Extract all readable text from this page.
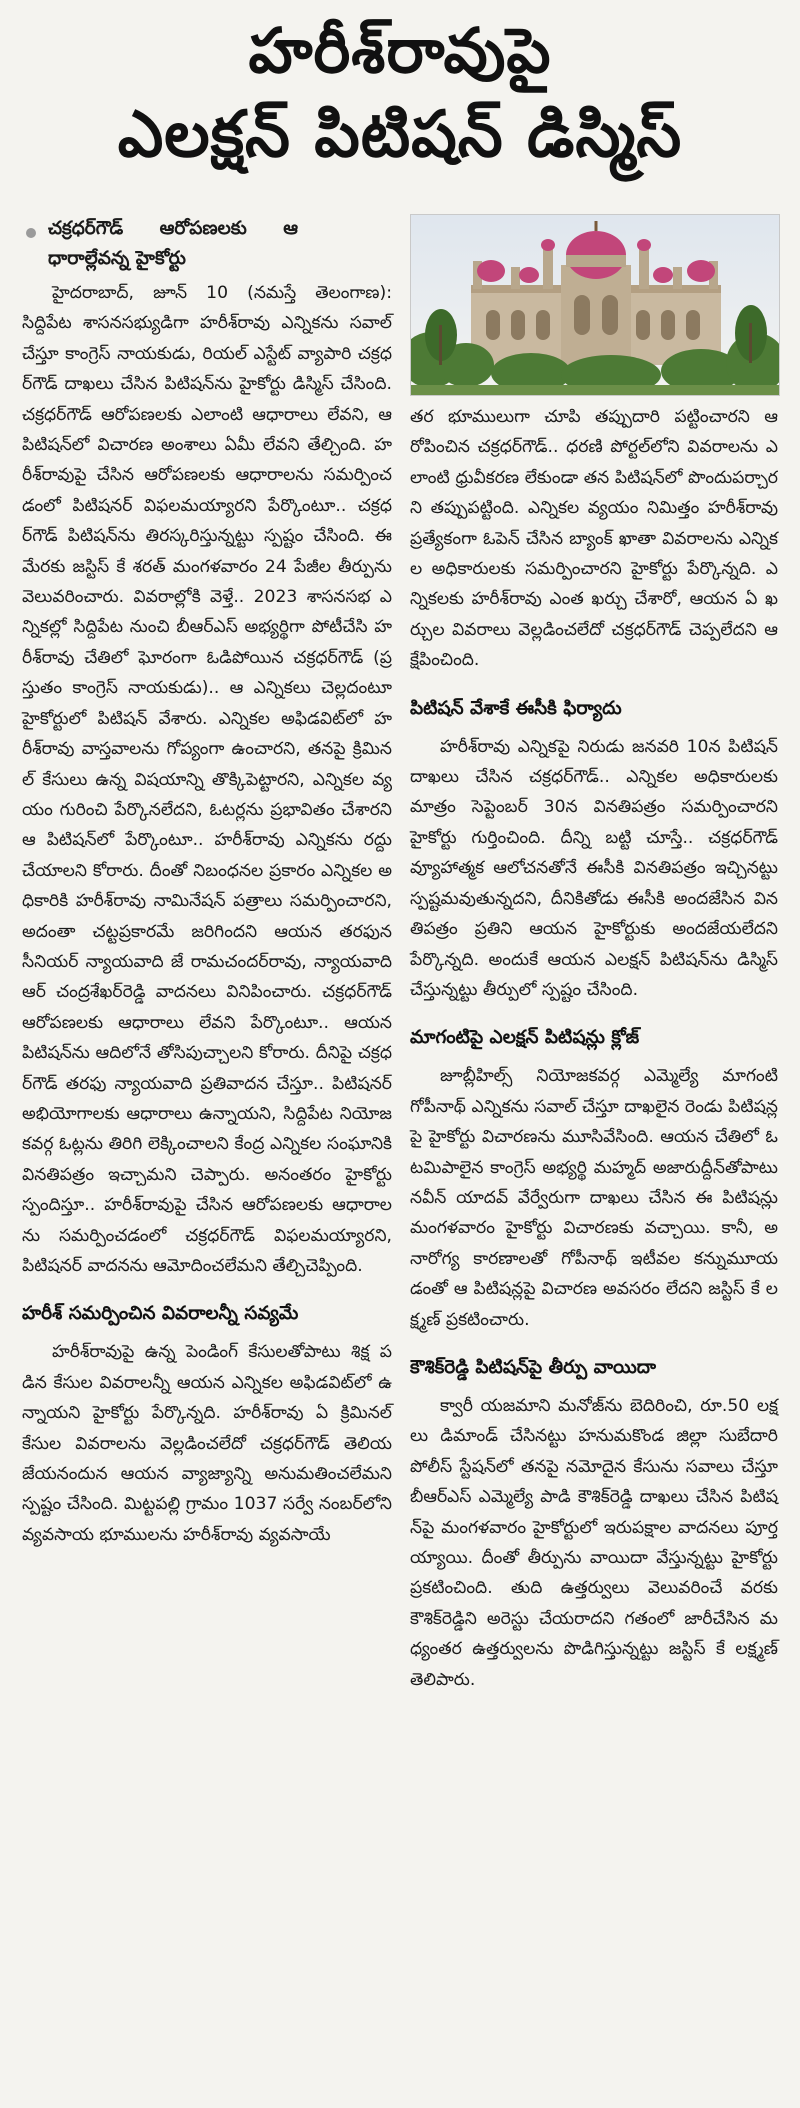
హరీశ్‌రావుపై
ఎలక్షన్ పిటిషన్ డిస్మిస్
చక్రధర్‌గౌడ్ ఆరోపణలకు ఆధారాల్లేవన్న హైకోర్టు

హైదరాబాద్, జూన్ 10 (నమస్తే తెలంగాణ): సిద్దిపేట శాసనసభ్యుడిగా హరీశ్‌రావు ఎన్నికను సవాల్ చేస్తూ కాంగ్రెస్ నాయకుడు, రియల్ ఎస్టేట్ వ్యాపారి చక్రధర్‌గౌడ్ దాఖలు చేసిన పిటిషన్‌ను హైకోర్టు డిస్మిస్ చేసింది. చక్రధర్‌గౌడ్ ఆరోపణలకు ఎలాంటి ఆధారాలు లేవని, ఆ పిటిషన్‌లో విచారణ అంశాలు ఏమీ లేవని తేల్చింది. హరీశ్‌రావుపై చేసిన ఆరోపణలకు ఆధారాలను సమర్పించడంలో పిటిషనర్ విఫలమయ్యారని పేర్కొంటూ.. చక్రధర్‌గౌడ్ పిటిషన్‌ను తిరస్కరిస్తున్నట్టు స్పష్టం చేసింది. ఈ మేరకు జస్టిస్ కే శరత్ మంగళవారం 24 పేజీల తీర్పును వెలువరించారు. వివరాల్లోకి వెళ్తే.. 2023 శాసనసభ ఎన్నికల్లో సిద్దిపేట నుంచి బీఆర్‌ఎస్ అభ్యర్థిగా పోటీచేసి హరీశ్‌రావు చేతిలో ఘోరంగా ఓడిపోయిన చక్రధర్‌గౌడ్ (ప్రస్తుతం కాంగ్రెస్ నాయకుడు).. ఆ ఎన్నికలు చెల్లదంటూ హైకోర్టులో పిటిషన్ వేశారు. ఎన్నికల అఫిడవిట్‌లో హరీశ్‌రావు వాస్తవాలను గోప్యంగా ఉంచారని, తనపై క్రిమినల్ కేసులు ఉన్న విషయాన్ని తొక్కిపెట్టారని, ఎన్నికల వ్యయం గురించి పేర్కొనలేదని, ఓటర్లను ప్రభావితం చేశారని ఆ పిటిషన్‌లో పేర్కొంటూ.. హరీశ్‌రావు ఎన్నికను రద్దు చేయాలని కోరారు. దీంతో నిబంధనల ప్రకారం ఎన్నికల అధికారికి హరీశ్‌రావు నామినేషన్ పత్రాలు సమర్పించారని, అదంతా చట్టప్రకారమే జరిగిందని ఆయన తరఫున సీనియర్ న్యాయవాది జే రామచందర్‌రావు, న్యాయవాది ఆర్ చంద్రశేఖర్‌రెడ్డి వాదనలు వినిపించారు. చక్రధర్‌గౌడ్ ఆరోపణలకు ఆధారాలు లేవని పేర్కొంటూ.. ఆయన పిటిషన్‌ను ఆదిలోనే తోసిపుచ్చాలని కోరారు. దీనిపై చక్రధర్‌గౌడ్ తరఫు న్యాయవాది ప్రతివాదన చేస్తూ.. పిటిషనర్ అభియోగాలకు ఆధారాలు ఉన్నాయని, సిద్దిపేట నియోజకవర్గ ఓట్లను తిరిగి లెక్కించాలని కేంద్ర ఎన్నికల సంఘానికి వినతిపత్రం ఇచ్చామని చెప్పారు. అనంతరం హైకోర్టు స్పందిస్తూ.. హరీశ్‌రావుపై చేసిన ఆరోపణలకు ఆధారాలను సమర్పించడంలో చక్రధర్‌గౌడ్ విఫలమయ్యారని, పిటిషనర్ వాదనను ఆమోదించలేమని తేల్చిచెప్పింది.

హరీశ్ సమర్పించిన వివరాలన్నీ సవ్యమే

హరీశ్‌రావుపై ఉన్న పెండింగ్ కేసులతోపాటు శిక్ష పడిన కేసుల వివరాలన్నీ ఆయన ఎన్నికల అఫిడవిట్‌లో ఉన్నాయని హైకోర్టు పేర్కొన్నది. హరీశ్‌రావు ఏ క్రిమినల్ కేసుల వివరాలను వెల్లడించలేదో చక్రధర్‌గౌడ్ తెలియజేయనందున ఆయన వ్యాజ్యాన్ని అనుమతించలేమని స్పష్టం చేసింది. మిట్టపల్లి గ్రామం 1037 సర్వే నంబర్‌లోని వ్యవసాయ భూములను హరీశ్‌రావు వ్యవసాయే

తర భూములుగా చూపి తప్పుదారి పట్టించారని ఆరోపించిన చక్రధర్‌గౌడ్.. ధరణి పోర్టల్‌లోని వివరాలను ఎలాంటి ధ్రువీకరణ లేకుండా తన పిటిషన్‌లో పొందుపర్చారని తప్పుపట్టింది. ఎన్నికల వ్యయం నిమిత్తం హరీశ్‌రావు ప్రత్యేకంగా ఓపెన్ చేసిన బ్యాంక్ ఖాతా వివరాలను ఎన్నికల అధికారులకు సమర్పించారని హైకోర్టు పేర్కొన్నది. ఎన్నికలకు హరీశ్‌రావు ఎంత ఖర్చు చేశారో, ఆయన ఏ ఖర్చుల వివరాలు వెల్లడించలేదో చక్రధర్‌గౌడ్ చెప్పలేదని ఆక్షేపించింది.

పిటిషన్ వేశాకే ఈసీకి ఫిర్యాదు

హరీశ్‌రావు ఎన్నికపై నిరుడు జనవరి 10న పిటిషన్ దాఖలు చేసిన చక్రధర్‌గౌడ్.. ఎన్నికల అధికారులకు మాత్రం సెప్టెంబర్ 30న వినతిపత్రం సమర్పించారని హైకోర్టు గుర్తించింది. దీన్ని బట్టి చూస్తే.. చక్రధర్‌గౌడ్ వ్యూహాత్మక ఆలోచనతోనే ఈసీకి వినతిపత్రం ఇచ్చినట్టు స్పష్టమవుతున్నదని, దీనికితోడు ఈసీకి అందజేసిన వినతిపత్రం ప్రతిని ఆయన హైకోర్టుకు అందజేయలేదని పేర్కొన్నది. అందుకే ఆయన ఎలక్షన్ పిటిషన్‌ను డిస్మిస్ చేస్తున్నట్టు తీర్పులో స్పష్టం చేసింది.

మాగంటిపై ఎలక్షన్ పిటిషన్లు క్లోజ్

జూబ్లీహిల్స్ నియోజకవర్గ ఎమ్మెల్యే మాగంటి గోపీనాథ్ ఎన్నికను సవాల్ చేస్తూ దాఖలైన రెండు పిటిషన్లపై హైకోర్టు విచారణను మూసివేసింది. ఆయన చేతిలో ఓటమిపాలైన కాంగ్రెస్ అభ్యర్థి మహ్మద్ అజారుద్దీన్‌తోపాటు నవీన్ యాదవ్ వేర్వేరుగా దాఖలు చేసిన ఈ పిటిషన్లు మంగళవారం హైకోర్టు విచారణకు వచ్చాయి. కానీ, అనారోగ్య కారణాలతో గోపీనాథ్ ఇటీవల కన్నుమూయడంతో ఆ పిటిషన్లపై విచారణ అవసరం లేదని జస్టిస్ కే లక్ష్మణ్ ప్రకటించారు.

కౌశిక్‌రెడ్డి పిటిషన్‌పై తీర్పు వాయిదా

క్వారీ యజమాని మనోజ్‌ను బెదిరించి, రూ.50 లక్షలు డిమాండ్ చేసినట్టు హనుమకొండ జిల్లా సుబేదారి పోలీస్ స్టేషన్‌లో తనపై నమోదైన కేసును సవాలు చేస్తూ బీఆర్‌ఎస్ ఎమ్మెల్యే పాడి కౌశిక్‌రెడ్డి దాఖలు చేసిన పిటిషన్‌పై మంగళవారం హైకోర్టులో ఇరుపక్షాల వాదనలు పూర్తయ్యాయి. దీంతో తీర్పును వాయిదా వేస్తున్నట్టు హైకోర్టు ప్రకటించింది. తుది ఉత్తర్వులు వెలువరించే వరకు కౌశిక్‌రెడ్డిని అరెస్టు చేయరాదని గతంలో జారీచేసిన మధ్యంతర ఉత్తర్వులను పొడిగిస్తున్నట్టు జస్టిస్ కే లక్ష్మణ్ తెలిపారు.
